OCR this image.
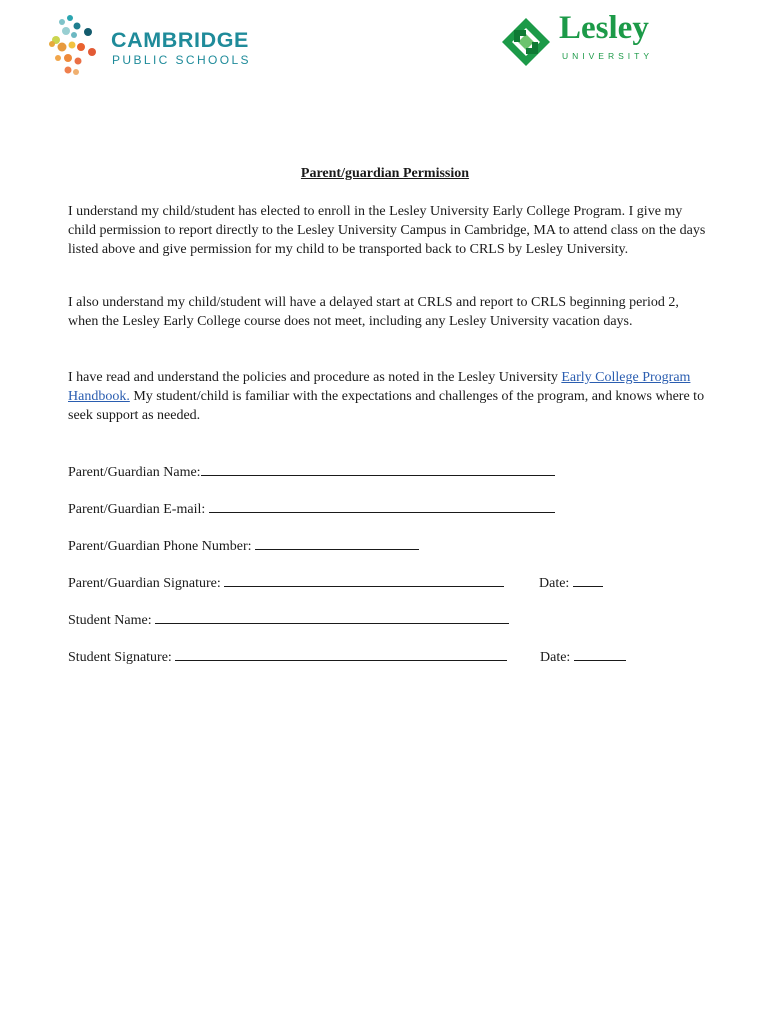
CAMBRIDGE
PUBLIC SCHOOLS
Lesley
UNIVERSITY
Parent/guardian Permission

I understand my child/student has elected to enroll in the Lesley University Early College Program. I give my child permission to report directly to the Lesley University Campus in Cambridge, MA to attend class on the days listed above and give permission for my child to be transported back to CRLS by Lesley University.

I also understand my child/student will have a delayed start at CRLS and report to CRLS beginning period 2, when the Lesley Early College course does not meet, including any Lesley University vacation days.

I have read and understand the policies and procedure as noted in the Lesley University Early College Program Handbook. My student/child is familiar with the expectations and challenges of the program, and knows where to seek support as needed.

Parent/Guardian Name:
Parent/Guardian E-mail:
Parent/Guardian Phone Number:
Parent/Guardian Signature:	Date:
Student Name:
Student Signature:	Date:
